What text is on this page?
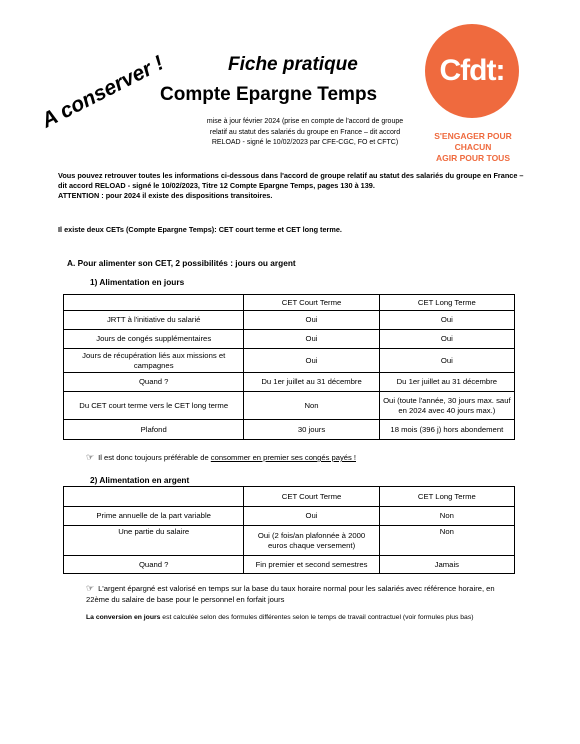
A conserver !	Fiche pratique
Compte Epargne Temps
Cfdt:
S'ENGAGER POUR CHACUN
AGIR POUR TOUS
mise à jour février 2024 (prise en compte de l'accord de groupe
relatif au statut des salariés du groupe en France – dit accord
RELOAD - signé le 10/02/2023 par CFE-CGC, FO et CFTC)
Vous pouvez retrouver toutes les informations ci-dessous dans l'accord de groupe relatif au statut des salariés du groupe en France – dit accord RELOAD - signé le 10/02/2023, Titre 12 Compte Epargne Temps, pages 130 à 139.
ATTENTION : pour 2024 il existe des dispositions transitoires.
Il existe deux CETs (Compte Epargne Temps): CET court terme et CET long terme.
A. Pour alimenter son CET, 2 possibilités : jours ou argent
1) Alimentation en jours
	CET Court Terme	CET Long Terme
JRTT à l'initiative du salarié	Oui	Oui
Jours de congés supplémentaires	Oui	Oui
Jours de récupération liés aux missions et campagnes	Oui	Oui
Quand ?	Du 1er juillet au 31 décembre	Du 1er juillet au 31 décembre
Du CET court terme vers le CET long terme	Non	Oui (toute l'année, 30 jours max. sauf en 2024 avec 40 jours max.)
Plafond	30 jours	18 mois (396 j) hors abondement
☞ Il est donc toujours préférable de consommer en premier ses congés payés !
2) Alimentation en argent
	CET Court Terme	CET Long Terme
Prime annuelle de la part variable	Oui	Non
Une partie du salaire	Oui (2 fois/an plafonnée à 2000 euros chaque versement)	Non
Quand ?	Fin premier et second semestres	Jamais
☞ L'argent épargné est valorisé en temps sur la base du taux horaire normal pour les salariés avec référence horaire, en 22ème du salaire de base pour le personnel en forfait jours
La conversion en jours est calculée selon des formules différentes selon le temps de travail contractuel (voir formules plus bas)
